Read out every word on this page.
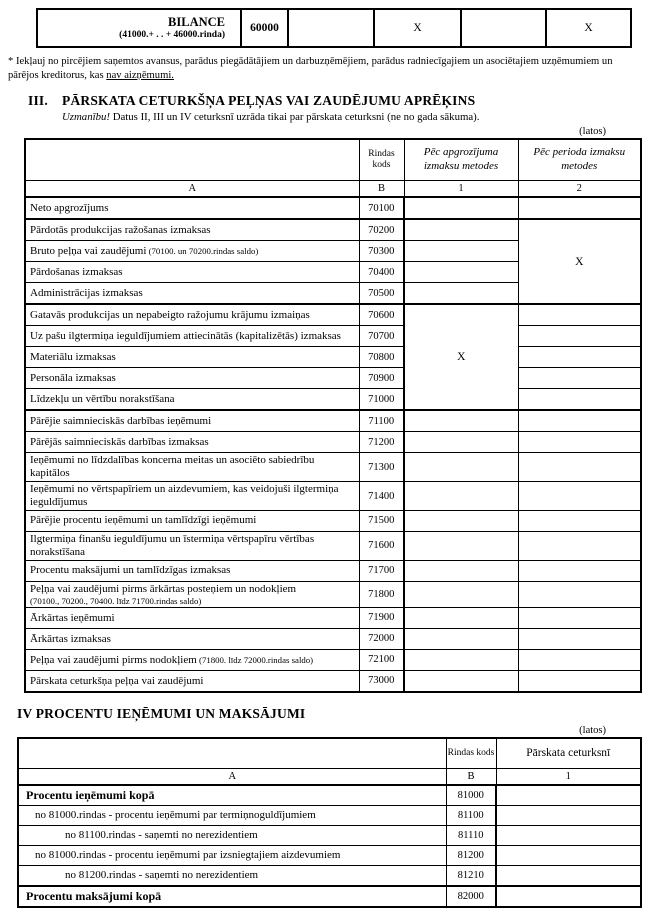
BILANCE
(41000.+ . . + 46000.rinda)
	60000		X		X

* Iekļauj no pircējiem saņemtos avansus, parādus piegādātājiem un darbuzņēmējiem, parādus radniecīgajiem un asociētajiem uzņēmumiem un pārējos kreditorus, kas nav aizņēmumi.

III. PĀRSKATA CETURKŠŅA PEĻŅAS VAI ZAUDĒJUMU APRĒĶINS
Uzmanību! Datus II, III un IV ceturksnī uzrāda tikai par pārskata ceturksni (ne no gada sākuma).
(latos)
	Rindas kods	Pēc apgrozījuma izmaksu metodes	Pēc perioda izmaksu metodes
A	B	1	2
Neto apgrozījums	70100		
Pārdotās produkcijas ražošanas izmaksas	70200		X
Bruto peļņa vai zaudējumi (70100. un 70200.rindas saldo)	70300		
Pārdošanas izmaksas	70400		
Administrācijas izmaksas	70500		
Gatavās produkcijas un nepabeigto ražojumu krājumu izmaiņas	70600	X	
Uz pašu ilgtermiņa ieguldījumiem attiecinātās (kapitalizētās) izmaksas	70700		
Materiālu izmaksas	70800		
Personāla izmaksas	70900		
Līdzekļu un vērtību norakstīšana	71000		
Pārējie saimnieciskās darbības ieņēmumi	71100		
Pārējās saimnieciskās darbības izmaksas	71200		
Ieņēmumi no līdzdalības koncerna meitas un asociēto sabiedrību kapitālos	71300		
Ieņēmumi no vērtspapīriem un aizdevumiem, kas veidojuši ilgtermiņa ieguldījumus	71400		
Pārējie procentu ieņēmumi un tamlīdzīgi ieņēmumi	71500		
Ilgtermiņa finanšu ieguldījumu un īstermiņa vērtspapīru vērtības norakstīšana	71600		
Procentu maksājumi un tamlīdzīgas izmaksas	71700		
Peļņa vai zaudējumi pirms ārkārtas posteņiem un nodokļiem
(70100., 70200., 70400. līdz 71700.rindas saldo)	71800		
Ārkārtas ieņēmumi	71900		
Ārkārtas izmaksas	72000		
Peļņa vai zaudējumi pirms nodokļiem (71800. līdz 72000.rindas saldo)	72100		
Pārskata ceturkšņa peļņa vai zaudējumi	73000		
IV PROCENTU IEŅĒMUMI UN MAKSĀJUMI
(latos)
	Rindas kods	Pārskata ceturksnī
A	B	1
Procentu ieņēmumi kopā	81000	
no 81000.rindas - procentu ieņēmumi par termiņnoguldījumiem	81100	
no 81100.rindas - saņemti no nerezidentiem	81110	
no 81000.rindas - procentu ieņēmumi par izsniegtajiem aizdevumiem	81200	
no 81200.rindas - saņemti no nerezidentiem	81210	
Procentu maksājumi kopā	82000	
